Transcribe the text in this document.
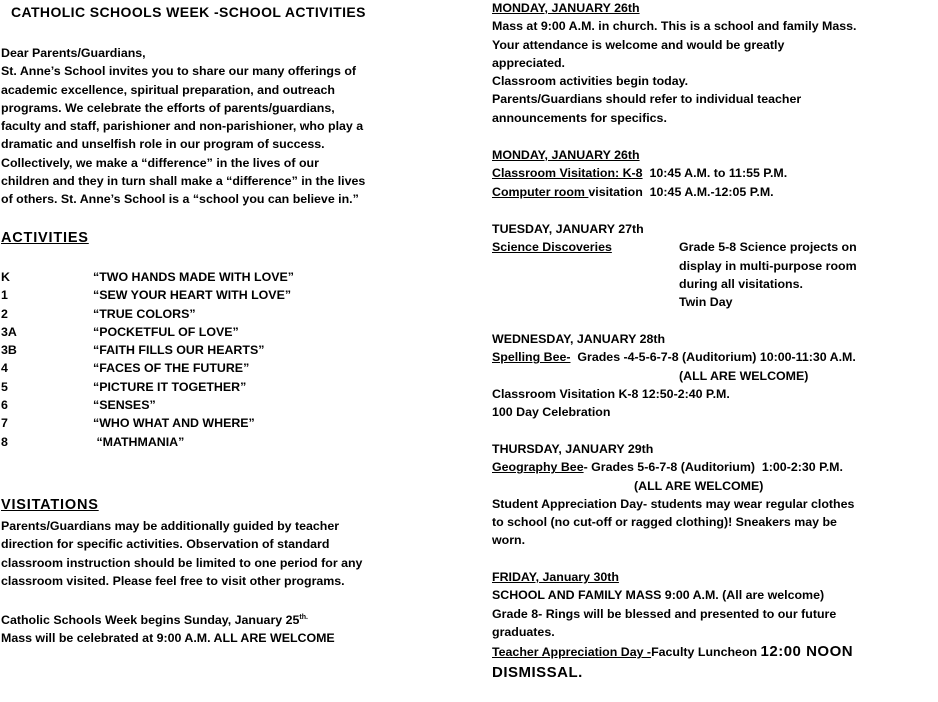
CATHOLIC SCHOOLS WEEK -SCHOOL ACTIVITIES
Dear Parents/Guardians,
St. Anne’s School invites you to share our many offerings of
academic excellence, spiritual preparation, and outreach
programs. We celebrate the efforts of parents/guardians,
faculty and staff, parishioner and non-parishioner, who play a
dramatic and unselfish role in our program of success.
Collectively, we make a “difference” in the lives of our
children and they in turn shall make a “difference” in the lives
of others. St. Anne’s School is a “school you can believe in.”
ACTIVITIES
K	“TWO HANDS MADE WITH LOVE”
1	“SEW YOUR HEART WITH LOVE”
2	“TRUE COLORS”
3A	“POCKETFUL OF LOVE”
3B	“FAITH FILLS OUR HEARTS”
4	“FACES OF THE FUTURE”
5	“PICTURE IT TOGETHER”
6	“SENSES”
7	“WHO WHAT AND WHERE”
8	“MATHMANIA”
VISITATIONS
Parents/Guardians may be additionally guided by teacher
direction for specific activities. Observation of standard
classroom instruction should be limited to one period for any
classroom visited. Please feel free to visit other programs.
Catholic Schools Week begins Sunday, January $25^{th.}$
Mass will be celebrated at 9:00 A.M. ALL ARE WELCOME
MONDAY, JANUARY 26th
Mass at 9:00 A.M. in church. This is a school and family Mass.
Your attendance is welcome and would be greatly
appreciated.
Classroom activities begin today.
Parents/Guardians should refer to individual teacher
announcements for specifics.
MONDAY, JANUARY 26th
Classroom Visitation: K-8  10:45 A.M. to 11:55 P.M.
Computer room visitation  10:45 A.M.-12:05 P.M.
TUESDAY, JANUARY 27th
Science Discoveries	Grade 5-8 Science projects on
display in multi-purpose room
during all visitations.
Twin Day
WEDNESDAY, JANUARY 28th
Spelling Bee-  Grades -4-5-6-7-8 (Auditorium) 10:00-11:30 A.M.
(ALL ARE WELCOME)
Classroom Visitation K-8 12:50-2:40 P.M.
100 Day Celebration
THURSDAY, JANUARY 29th
Geography Bee- Grades 5-6-7-8 (Auditorium)  1:00-2:30 P.M.
(ALL ARE WELCOME)
Student Appreciation Day- students may wear regular clothes
to school (no cut-off or ragged clothing)! Sneakers may be
worn.
FRIDAY, January 30th
SCHOOL AND FAMILY MASS 9:00 A.M. (All are welcome)
Grade 8- Rings will be blessed and presented to our future
graduates.
Teacher Appreciation Day -Faculty Luncheon 12:00 NOON
DISMISSAL.
